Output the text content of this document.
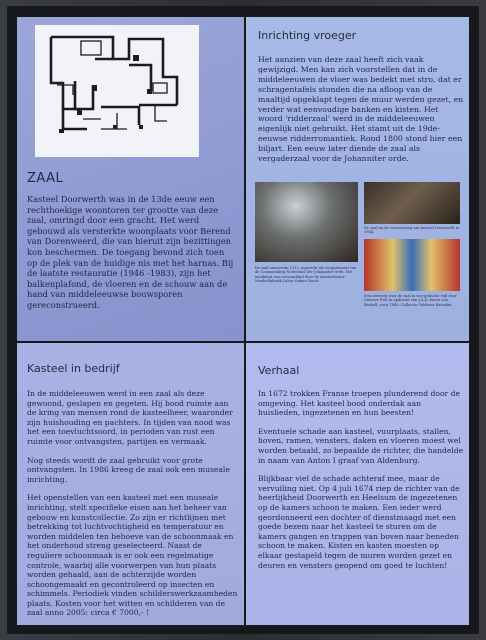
ZAAL

Kasteel Doorwerth was in de 13de eeuw een rechthoekige woontoren ter grootte van deze zaal, omringd door een gracht. Het werd gebouwd als versterkte woonplaats voor Berend van Dorenweerd, die van hieruit zijn bezittingen kon beschermen. De toegang bevond zich toen op de plek van de huidige nis met het harnas. Bij de laatste restauratie (1946 -1983), zijn het balkenplafond, de vloeren en de schouw aan de hand van middeleeuwse bouwsporen gereconstrueerd.

Inrichting vroeger

Het aanzien van deze zaal heeft zich vaak gewijzigd. Men kan zich voorstellen dat in de middeleeuwen de vloer was bedekt met stro, dat er schragentafels stonden die na afloop van de maaltijd opgeklapt tegen de muur werden gezet, en verder wat eenvoudige banken en kisten. Het woord 'ridderzaal' werd in de middeleeuwen eigenlijk niet gebruikt. Het stamt uit de 19de-eeuwse ridderromantiek. Rond 1800 stond hier een biljart. Een eeuw later diende de zaal als vergaderzaal voor de Johanniter orde.

De zaal omstreeks 1915, ingericht als vergaderzaal van de Commanderij Nederland der Johanniter Orde. Het meubilair was vervaardigd door de Amsterdamse Meubelfabriek Labor Omnia Vincit.
De zaal na de verwoesting van kasteel Doorwerth in 1944.
Een ontwerp voor de zaal in neo-gotische stijl door Gustave Prot in opdracht van J.A.D. baron van Brakell, circa 1840. Collectie Gelderse Kastelen.
Kasteel in bedrijf

In de middeleeuwen werd in een zaal als deze gewoond, geslapen en gegeten. Hij bood ruimte aan de kring van mensen rond de kasteelheer, waaronder zijn huishouding en pachters. In tijden van nood was het een toevluchtsoord, in perioden van rust een ruimte voor ontvangsten, partijen en vermaak.

Nog steeds wordt de zaal gebruikt voor grote ontvangsten. In 1986 kreeg de zaal ook een museale inrichting.

Het openstellen van een kasteel met een museale inrichting, stelt specifieke eisen aan het beheer van gebouw en kunstcollectie. Zo zijn er richtlijnen met betrekking tot luchtvochtigheid en temperatuur en worden middelen ten behoeve van de schoonmaak en het onderhoud streng geselecteerd. Naast de reguliere schoonmaak is er ook een regelmatige controle, waarbij alle voorwerpen van hun plaats worden gehaald, aan de achterzijde worden schoongemaakt en gecontroleerd op insecten en schimmels. Periodiek vinden schilderswerkzaamheden plaats. Kosten voor het witten en schilderen van de zaal anno 2005: circa € 7000,- !

Verhaal

In 1672 trokken Franse troepen plunderend door de omgeving. Het kasteel bood onderdak aan huislieden, ingezetenen en hun beesten!

Eventuele schade aan kasteel, vuurplaats, stallen, hoven, ramen, vensters, daken en vloeren moest wel worden betaald, zo bepaalde de richter, die handelde in naam van Anton I graaf van Aldenburg.

Blijkbaar viel de schade achteraf mee, maar de vervuiling niet. Op 4 juli 1674 riep de richter van de heerlijkheid Doorwerth en Heelsum de ingezetenen op de kamers schoon te maken. Een ieder werd geordonneerd een dochter of dienstmaagd met een goede bezem naar het kasteel te sturen om de kamers gangen en trappen van boven naar beneden schoon te maken. Kisten en kasten moesten op elkaar gestapeld tegen de muren worden gezet en deuren en vensters geopend om goed te luchten!
